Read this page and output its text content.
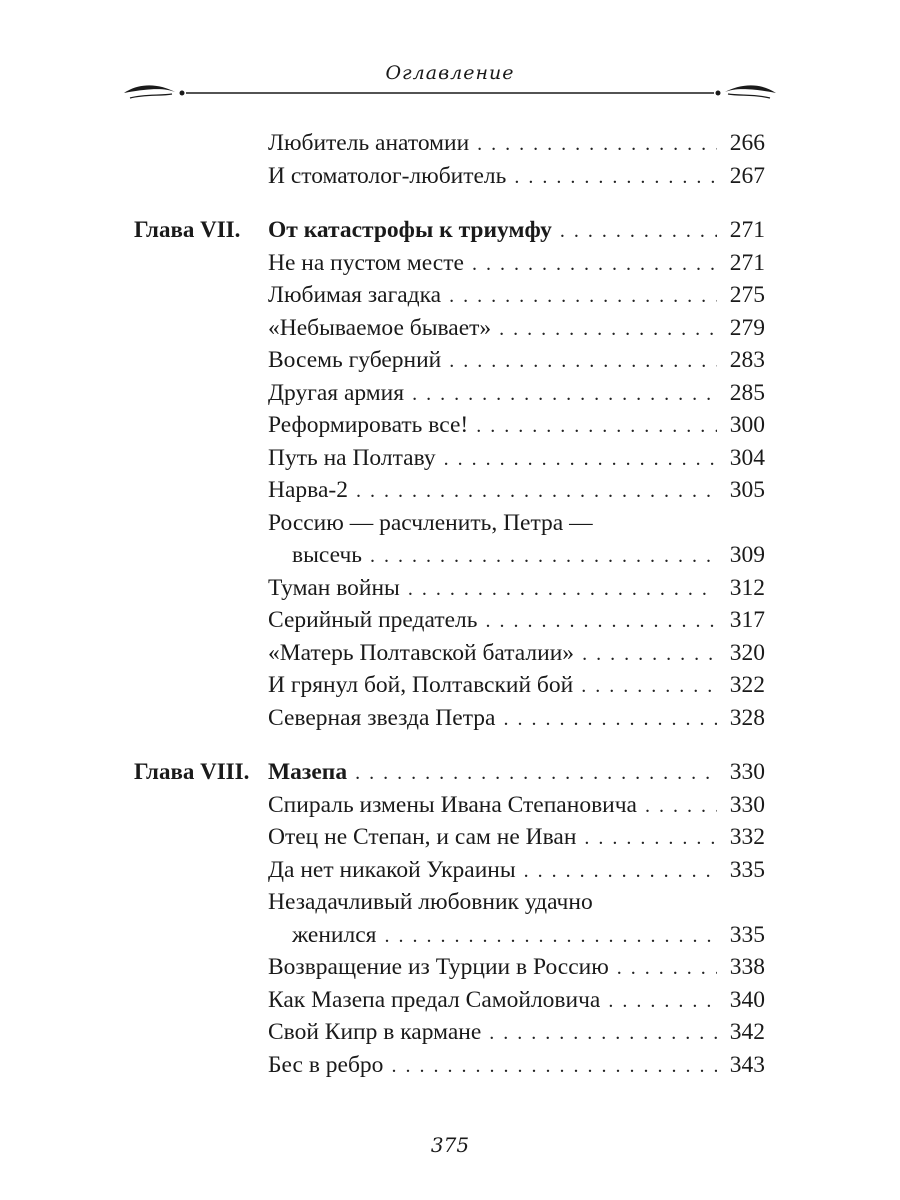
Оглавление
Любитель анатомии . . .	266
И стоматолог-любитель . . .	267
Глава VII. От катастрофы к триумфу . . .	271
Не на пустом месте . . .	271
Любимая загадка . . .	275
«Небываемое бывает» . . .	279
Восемь губерний . . .	283
Другая армия . . .	285
Реформировать все! . . .	300
Путь на Полтаву . . .	304
Нарва-2 . . .	305
Россию — расчленить, Петра —
высечь . . .	309
Туман войны . . .	312
Серийный предатель . . .	317
«Матерь Полтавской баталии» . . .	320
И грянул бой, Полтавский бой . . .	322
Северная звезда Петра . . .	328
Глава VIII. Мазепа . . .	330
Спираль измены Ивана Степановича . . .	330
Отец не Степан, и сам не Иван . . .	332
Да нет никакой Украины . . .	335
Незадачливый любовник удачно
женился . . .	335
Возвращение из Турции в Россию . . .	338
Как Мазепа предал Самойловича . . .	340
Свой Кипр в кармане . . .	342
Бес в ребро . . .	343
375
